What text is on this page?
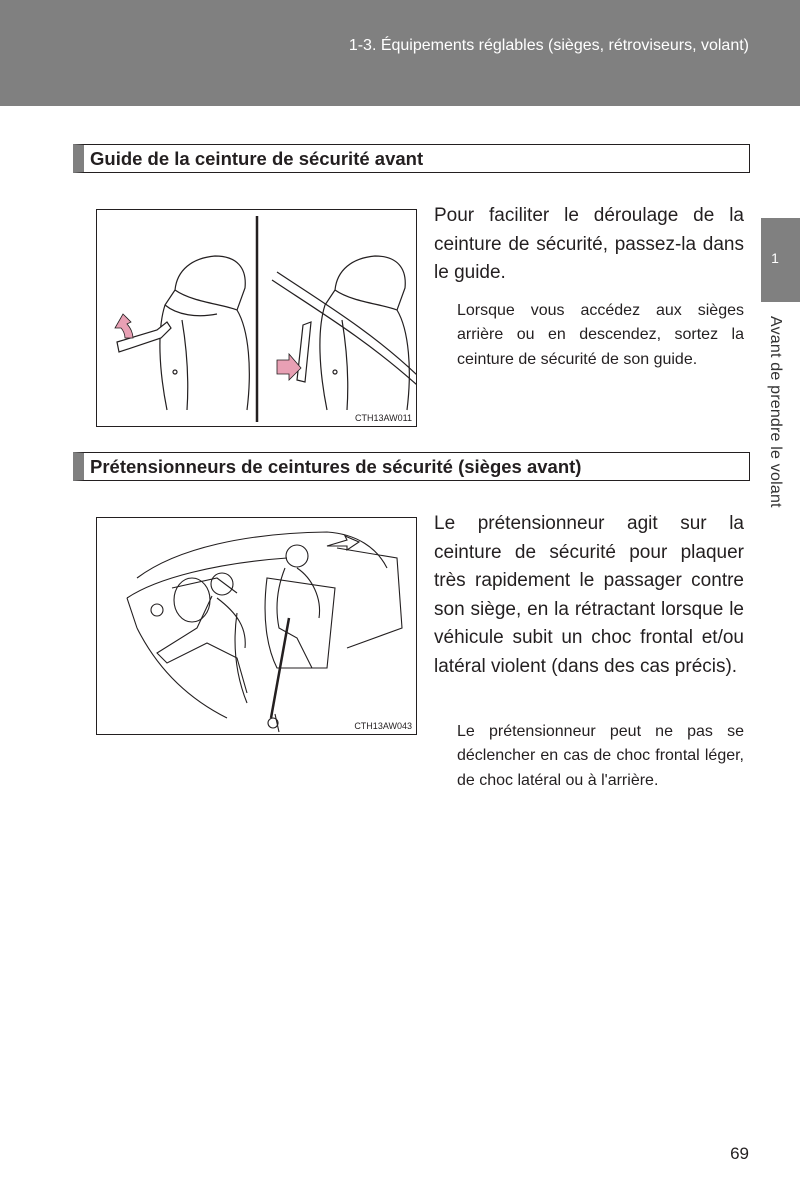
1-3. Équipements réglables (sièges, rétroviseurs, volant)
1
Avant de prendre le volant
Guide de la ceinture de sécurité avant
CTH13AW011
Pour faciliter le déroulage de la ceinture de sécurité, passez-la dans le guide.
Lorsque vous accédez aux sièges arrière ou en descendez, sortez la ceinture de sécurité de son guide.
Prétensionneurs de ceintures de sécurité (sièges avant)
CTH13AW043
Le prétensionneur agit sur la ceinture de sécurité pour plaquer très rapidement le passager contre son siège, en la rétractant lorsque le véhicule subit un choc frontal et/ou latéral violent (dans des cas précis).
Le prétensionneur peut ne pas se déclencher en cas de choc frontal léger, de choc latéral ou à l'arrière.
69
